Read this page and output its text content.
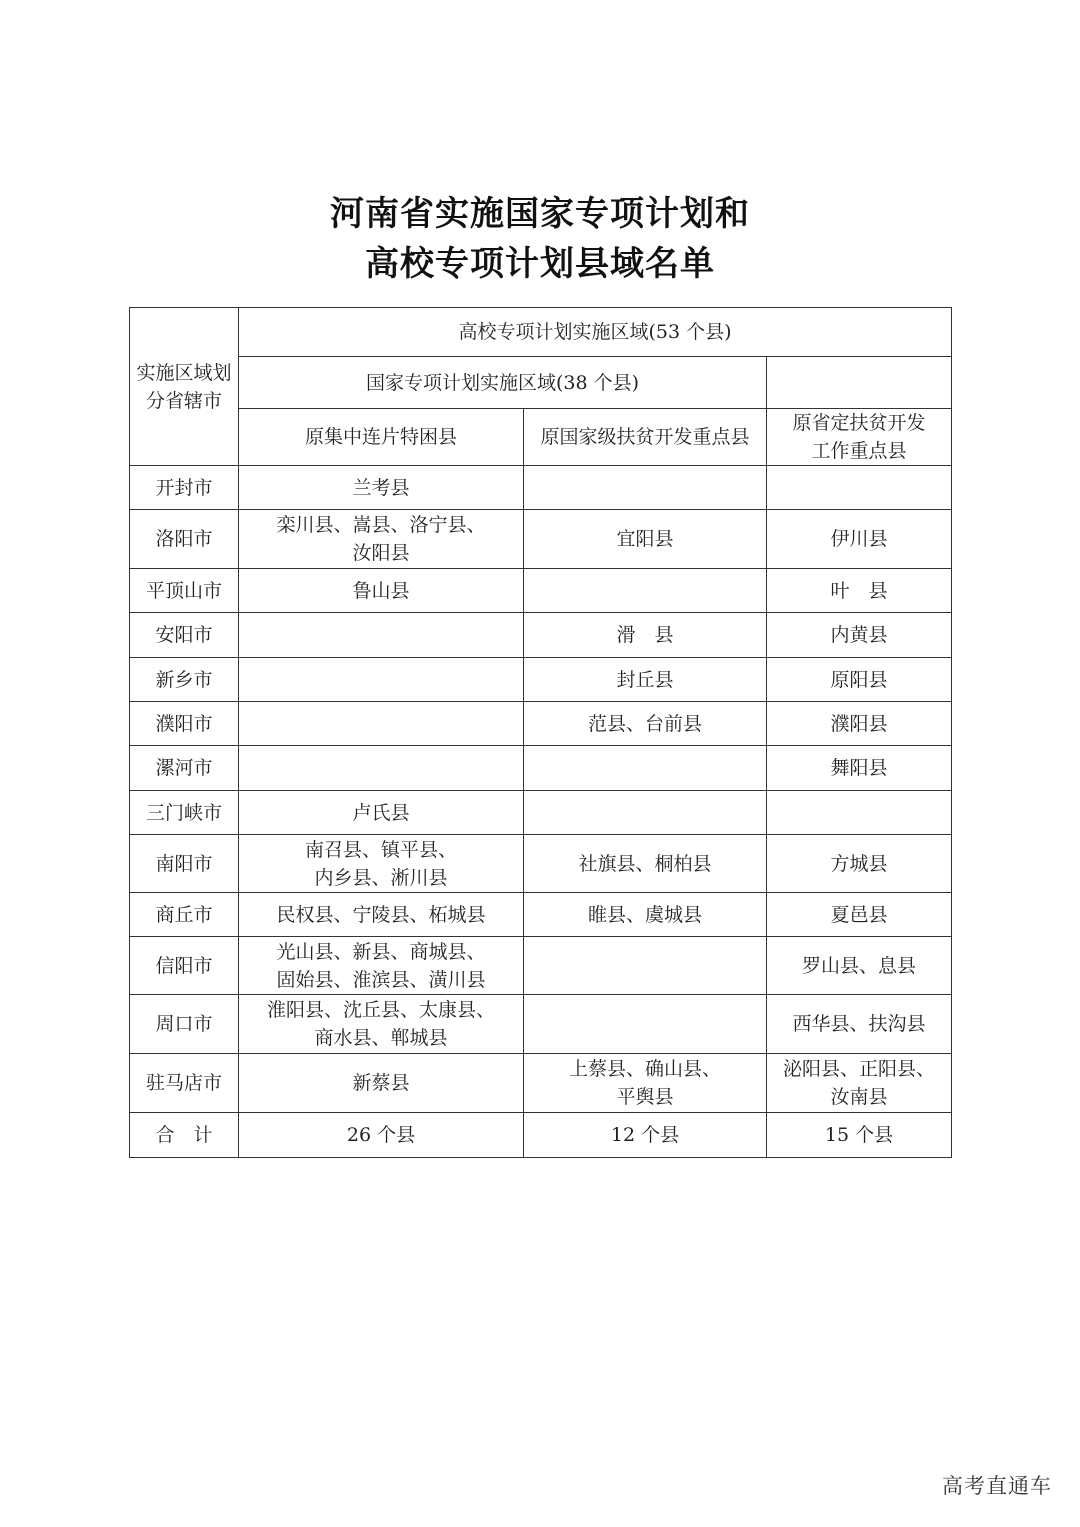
河南省实施国家专项计划和
高校专项计划县域名单
实施区域划
分省辖市	高校专项计划实施区域(53 个县)		
	国家专项计划实施区域(38 个县)		
	原集中连片特困县	原国家级扶贫开发重点县	原省定扶贫开发
工作重点县

开封市	兰考县		

洛阳市	栾川县、嵩县、洛宁县、
汝阳县	宜阳县	伊川县

平顶山市	鲁山县		叶　县

安阳市		滑　县	内黄县

新乡市		封丘县	原阳县

濮阳市		范县、台前县	濮阳县

漯河市			舞阳县

三门峡市	卢氏县		

南阳市	南召县、镇平县、
内乡县、淅川县	社旗县、桐柏县	方城县

商丘市	民权县、宁陵县、柘城县	睢县、虞城县	夏邑县

信阳市	光山县、新县、商城县、
固始县、淮滨县、潢川县		罗山县、息县

周口市	淮阳县、沈丘县、太康县、
商水县、郸城县		西华县、扶沟县

驻马店市	新蔡县	上蔡县、确山县、
平舆县	泌阳县、正阳县、
汝南县

合　计	26 个县	12 个县	15 个县
高考直通车
